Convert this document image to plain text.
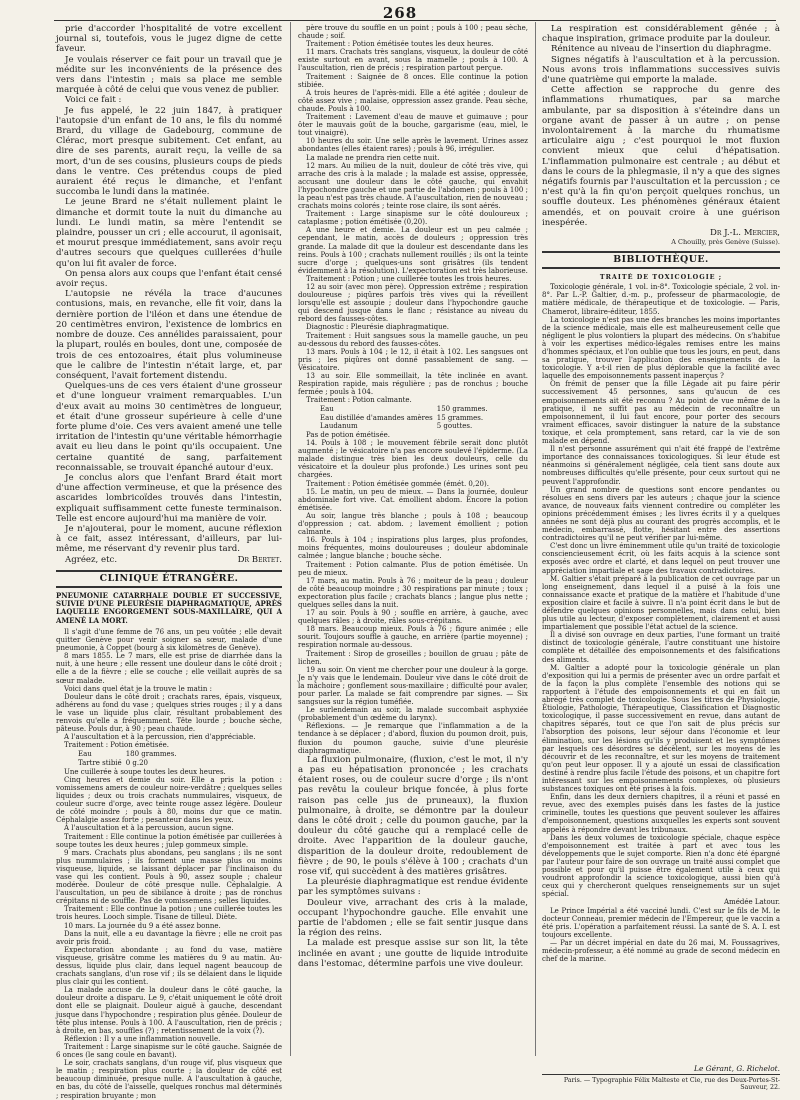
268

prie d'accorder l'hospitalité de votre excellent journal si, toutefois, vous le jugez digne de cette faveur.

Je voulais réserver ce fait pour un travail que je médite sur les inconvénients de la présence des vers dans l'intestin ; mais sa place me semble marquée à côté de celui que vous venez de publier.

Voici ce fait :

Je fus appelé, le 22 juin 1847, à pratiquer l'autopsie d'un enfant de 10 ans, le fils du nommé Brard, du village de Gadebourg, commune de Clérac, mort presque subitement. Cet enfant, au dire de ses parents, aurait reçu, la veille de sa mort, d'un de ses cousins, plusieurs coups de pieds dans le ventre. Ces prétendus coups de pied auraient été reçus le dimanche, et l'enfant succomba le lundi dans la matinée.

Le jeune Brard ne s'était nullement plaint le dimanche et dormit toute la nuit du dimanche au lundi. Le lundi matin, sa mère l'entendit se plaindre, pousser un cri ; elle accourut, il agonisait, et mourut presque immédiatement, sans avoir reçu d'autres secours que quelques cuillerées d'huile qu'on lui fit avaler de force.

On pensa alors aux coups que l'enfant était censé avoir reçus.

L'autopsie ne révéla la trace d'aucunes contusions, mais, en revanche, elle fit voir, dans la dernière portion de l'iléon et dans une étendue de 20 centimètres environ, l'existence de lombrics en nombre de douze. Ces annélides paraissaient, pour la plupart, roulés en boules, dont une, composée de trois de ces entozoaires, était plus volumineuse que le calibre de l'intestin n'était large, et, par conséquent, l'avait fortement distendu.

Quelques-uns de ces vers étaient d'une grosseur et d'une longueur vraiment remarquables. L'un d'eux avait au moins 30 centimètres de longueur, et était d'une grosseur supérieure à celle d'une forte plume d'oie. Ces vers avaient amené une telle irritation de l'intestin qu'une véritable hémorrhagie avait eu lieu dans le point qu'ils occupaient. Une certaine quantité de sang, parfaitement reconnaissable, se trouvait épanché autour d'eux.

Je conclus alors que l'enfant Brard était mort d'une affection vermineuse, et que la présence des ascarides lombricoïdes trouvés dans l'intestin, expliquait suffisamment cette funeste terminaison. Telle est encore aujourd'hui ma manière de voir.

Je n'ajouterai, pour le moment, aucune réflexion à ce fait, assez intéressant, d'ailleurs, par lui-même, me réservant d'y revenir plus tard.

Agréez, etc.	Dr Bertet.
CLINIQUE ÉTRANGÈRE.

PNEUMONIE CATARRHALE DOUBLE ET SUCCESSIVE, SUIVIE D'UNE PLEURÉSIE DIAPHRAGMATIQUE, APRÈS LAQUELLE ENGORGEMENT SOUS-MAXILLAIRE, QUI A AMENÉ LA MORT.

Il s'agit d'une femme de 76 ans, un peu voûtée ; elle devait quitter Genève pour venir soigner sa sœur, malade d'une pneumonie, à Coppet (bourg à six kilomètres de Genève).

8 mars 1855. Le 7 mars, elle est prise de diarrhée dans la nuit, à une heure ; elle ressent une douleur dans le côté droit ; elle a de la fièvre ; elle se couche ; elle veillait auprès de sa sœur malade.

Voici dans quel état je la trouve le matin :

Douleur dans le côté droit ; crachats rares, épais, visqueux, adhérens au fond du vase ; quelques stries rouges ; il y a dans le vase un liquide plus clair, résultant probablement des renvois qu'elle a fréquemment. Tête lourde ; bouche sèche, pâteuse. Pouls dur, à 90 ; peau chaude.

A l'auscultation et à la percussion, rien d'appréciable.

Traitement : Potion émétisée.

Eau	180 grammes.
Tartre stibié	0 g.20

Une cuillerée à soupe toutes les deux heures.

Cinq heures et demie du soir. Elle a pris la potion : vomissemens amers de couleur noire-verdâtre ; quelques selles liquides ; deux ou trois crachats nummulaires, visqueux, de couleur sucre d'orge, avec teinte rouge assez légère. Douleur de côté moindre ; pouls à 80, moins dur que ce matin. Céphalalgie assez forte ; pesanteur dans les yeux.

A l'auscultation et à la percussion, aucun signe.

Traitement : Elle continue la potion émétisée par cuillerées à soupe toutes les deux heures ; julep gommeux simple.

9 mars. Crachats plus abondans, peu sanglans ; ils ne sont plus nummulaires ; ils forment une masse plus ou moins visqueuse, liquide, se laissant déplacer par l'inclinaison du vase qui les contient. Pouls à 90, assez souple ; chaleur modérée. Douleur de côté presque nulle. Céphalalgie. A l'auscultation, un peu de sibilance à droite ; pas de ronchus crépitans ni de souffle. Pas de vomissemens ; selles liquides.

Traitement : Elle continue la potion ; une cuillerée toutes les trois heures. Looch simple. Tisane de tilleul. Diète.

10 mars. La journée du 9 a été assez bonne.

Dans la nuit, elle a eu davantage la fièvre ; elle ne croit pas avoir pris froid.

Expectoration abondante ; au fond du vase, matière visqueuse, grisâtre comme les matières du 9 au matin. Au-dessus, liquide plus clair, dans lequel nagent beaucoup de crachats sanglans, d'un rose vif ; ils se délaient dans le liquide plus clair qui les contient.

La malade accuse de la douleur dans le côté gauche, la douleur droite a disparu. Le 9, c'était uniquement le côté droit dont elle se plaignait. Douleur aiguë à gauche, descendant jusque dans l'hypochondre ; respiration plus gênée. Douleur de tête plus intense. Pouls à 100. A l'auscultation, rien de précis ; à droite, en bas, souffles (?) ; retentissement de la voix (?).

Réflexion : Il y a une inflammation nouvelle.

Traitement : Large sinapisme sur le côté gauche. Saignée de 6 onces (le sang coule en bavant).

Le soir, crachats sanglans, d'un rouge vif, plus visqueux que le matin ; respiration plus courte ; la douleur de côté est beaucoup diminuée, presque nulle. A l'auscultation à gauche, en bas, du côté de l'aisselle, quelques ronchus mal déterminés ; respiration bruyante ; mon

père trouve du souffle en un point ; pouls à 100 ; peau sèche, chaude ; soif.

Traitement : Potion émétisée toutes les deux heures.

11 mars. Crachats très sanglans, visqueux, la douleur de côté existe surtout en avant, sous la mamelle ; pouls à 100. A l'auscultation, rien de précis ; respiration partout perçue.

Traitement : Saignée de 8 onces. Elle continue la potion stibiée.

A trois heures de l'après-midi. Elle a été agitée ; douleur de côté assez vive ; malaise, oppression assez grande. Peau sèche, chaude. Pouls à 100.

Traitement : Lavement d'eau de mauve et guimauve ; pour ôter le mauvais goût de la bouche, gargarisme (eau, miel, le tout vinaigré).

10 heures du soir. Une selle après le lavement. Urines assez abondantes (elles étaient rares) ; pouls à 96, irrégulier.

La malade ne prendra rien cette nuit.

12 mars. Au milieu de la nuit, douleur de côté très vive, qui arrache des cris à la malade ; la malade est assise, oppressée, accusant une douleur dans le côté gauche, qui envahit l'hypochondre gauche et une partie de l'abdomen ; pouls à 100 ; la peau n'est pas très chaude. A l'auscultation, rien de nouveau ; crachats moins colorés ; teinte rose claire, ils sont aérés.

Traitement : Large sinapisme sur le côté douloureux ; cataplasme ; potion émétisée (0,20).

A une heure et demie. La douleur est un peu calmée ; cependant, le matin, accès de douleurs ; oppression très grande. La malade dit que la douleur est descendante dans les reins. Pouls à 100 ; crachats nullement rouillés ; ils ont la teinte sucre d'orge ; quelques-uns sont grisâtres (ils tendent évidemment à la résolution). L'expectoration est très laborieuse.

Traitement : Potion ; une cuillerée toutes les trois heures.

12 au soir (avec mon père). Oppression extrême ; respiration douloureuse ; piqûres parfois très vives qui la réveillent lorsqu'elle est assoupie ; douleur dans l'hypochondre gauche qui descend jusque dans le flanc ; résistance au niveau du rebord des fausses-côtes.

Diagnostic : Pleurésie diaphragmatique.

Traitement : Huit sangsues sous la mamelle gauche, un peu au-dessous du rebord des fausses-côtes.

13 mars. Pouls à 104 ; le 12, il était à 102. Les sangsues ont pris ; les piqûres ont donné passablement de sang. — Vésicatoire.

13 au soir. Elle sommeillait, la tête inclinée en avant. Respiration rapide, mais régulière ; pas de ronchus ; bouche fermée ; pouls à 104.

Traitement : Potion calmante.

Eau	150 grammes.
Eau distillée d'amandes amères	15 grammes.
Laudanum	5 gouttes.

Pas de potion émétisée.

14. Pouls à 108 ; le mouvement fébrile serait donc plutôt augmenté ; le vésicatoire n'a pas encore soulevé l'épiderme. (La malade distingue très bien les deux douleurs, celle du vésicatoire et la douleur plus profonde.) Les urines sont peu chargées.

Traitement : Potion émétisée gommée (émét. 0,20).

15. Le matin, un peu de mieux. — Dans la journée, douleur abdominale fort vive. Cat. émollient abdom. Encore la potion émétisée.

Au soir, langue très blanche ; pouls à 108 ; beaucoup d'oppression ; cat. abdom. ; lavement émollient ; potion calmante.

16. Pouls à 104 ; inspirations plus larges, plus profondes, moins fréquentes, moins douloureuses ; douleur abdominale calmée ; langue blanche ; bouche sèche.

Traitement : Potion calmante. Plus de potion émétisée. Un peu de mieux.

17 mars, au matin. Pouls à 76 ; moiteur de la peau ; douleur de côté beaucoup moindre ; 30 respirations par minute ; toux ; expectoration plus facile ; crachats blancs ; langue plus nette ; quelques selles dans la nuit.

17 au soir. Pouls à 90 ; souffle en arrière, à gauche, avec quelques râles ; à droite, râles sous-crépitans.

18 mars. Beaucoup mieux. Pouls à 76 ; figure animée ; elle sourit. Toujours souffle à gauche, en arrière (partie moyenne) ; respiration normale au-dessous.

Traitement : Sirop de groseilles ; bouillon de gruau ; pâte de lichen.

19 au soir. On vient me chercher pour une douleur à la gorge. Je n'y vais que le lendemain. Douleur vive dans le côté droit de la mâchoire ; gonflement sous-maxillaire ; difficulté pour avaler, pour parler. La malade se fait comprendre par signes. — Six sangsues sur la région tuméfiée.

Le surlendemain au soir, la malade succombait asphyxiée (probablement d'un œdème du larynx).

Réflexions. — Je remarque que l'inflammation a de la tendance à se déplacer ; d'abord, fluxion du poumon droit, puis, fluxion du poumon gauche, suivie d'une pleurésie diaphragmatique.

La fluxion pulmonaire, (fluxion, c'est le mot, il n'y a pas eu hépatisation prononcée ; les crachats étaient roses, ou de couleur sucre d'orge ; ils n'ont pas revêtu la couleur brique foncée, à plus forte raison pas celle jus de pruneaux), la fluxion pulmonaire, à droite, se démontre par la douleur dans le côté droit ; celle du poumon gauche, par la douleur du côté gauche qui a remplacé celle de droite. Avec l'apparition de la douleur gauche, disparition de la douleur droite, redoublement de fièvre ; de 90, le pouls s'élève à 100 ; crachats d'un rose vif, qui succèdent à des matières grisâtres.

La pleurésie diaphragmatique est rendue évidente par les symptômes suivans :

Douleur vive, arrachant des cris à la malade, occupant l'hypochondre gauche. Elle envahit une partie de l'abdomen ; elle se fait sentir jusque dans la région des reins.

La malade est presque assise sur son lit, la tête inclinée en avant ; une goutte de liquide introduite dans l'estomac, détermine parfois une vive douleur.

La respiration est considérablement gênée ; à chaque inspiration, grimace produite par la douleur.

Rénitence au niveau de l'insertion du diaphragme.

Signes négatifs à l'auscultation et à la percussion. Nous avons trois inflammations successives suivis d'une quatrième qui emporte la malade.

Cette affection se rapproche du genre des inflammations rhumatiques, par sa marche ambulante, par sa disposition à s'éteindre dans un organe avant de passer à un autre ; on pense involontairement à la marche du rhumatisme articulaire aigu ; c'est pourquoi le mot fluxion convient mieux que celui d'hépatisation. L'inflammation pulmonaire est centrale ; au début et dans le cours de la phlegmasie, il n'y a que des signes négatifs fournis par l'auscultation et la percussion ; ce n'est qu'à la fin qu'on perçoit quelques ronchus, un souffle douteux. Les phénomènes généraux étaient amendés, et on pouvait croire à une guérison inespérée.

Dr J.-L. Mercier,
A Chouilly, près Genève (Suisse).
BIBLIOTHÈQUE.
TRAITÉ DE TOXICOLOGIE ;

Toxicologie générale, 1 vol. in-8°. Toxicologie spéciale, 2 vol. in-8°. Par L.-P. Galtier, d.-m. p., professeur de pharmacologie, de matière médicale, de thérapeutique et de toxicologie. — Paris, Chamerot, libraire-éditeur, 1855.

La toxicologie n'est pas une des branches les moins importantes de la science médicale, mais elle est malheureusement celle que négligent le plus volontiers la plupart des médecins. On s'habitue à voir les expertises médico-légales remises entre les mains d'hommes spéciaux, et l'on oublie que tous les jours, en peut, dans sa pratique, trouver l'application des enseignements de la toxicologie. Y a-t-il rien de plus déplorable que la facilité avec laquelle des empoisonnements passent inaperçus ?

On frémit de penser que la fille Lègade ait pu faire périr successivement 45 personnes, sans qu'aucun de ces empoisonnements ait été reconnu ? Au point de vue même de la pratique, il ne suffit pas au médecin de reconnaître un empoisonnement, il lui faut encore, pour porter des secours vraiment efficaces, savoir distinguer la nature de la substance toxique, et cela promptement, sans retard, car la vie de son malade en dépend.

Il n'est personne assurément qui n'ait été frappé de l'extrême importance des connaissances toxicologiques. Si leur étude est néanmoins si généralement négligée, cela tient sans doute aux nombreuses difficultés qu'elle présente, pour ceux surtout qui ne peuvent l'approfondir.

Un grand nombre de questions sont encore pendantes ou résolues en sens divers par les auteurs ; chaque jour la science avance, de nouveaux faits viennent contredire ou compléter les opinions précédemment émises ; les livres écrits il y a quelques années ne sont déjà plus au courant des progrès accomplis, et le médecin, embarrassé, flotte, hésitant entre des assertions contradictoires qu'il ne peut vérifier par lui-même.

C'est donc un livre éminemment utile qu'un traité de toxicologie consciencieusement écrit, où les faits acquis à la science sont exposés avec ordre et clarté, et dans lequel on peut trouver une appréciation impartiale et sage des travaux contradictoires.

M. Galtier s'était préparé à la publication de cet ouvrage par un long enseignement, dans lequel il a puisé à la fois une connaissance exacte et pratique de la matière et l'habitude d'une exposition claire et facile à suivre. Il n'a point écrit dans le but de défendre quelques opinions personnelles, mais dans celui, bien plus utile au lecteur, d'exposer complètement, clairement et aussi impartialement que possible l'état actuel de la science.

Il a divisé son ouvrage en deux parties, l'une formant un traité distinct de toxicologie générale, l'autre constituant une histoire complète et détaillée des empoisonnements et des falsifications des aliments.

M. Galtier a adopté pour la toxicologie générale un plan d'exposition qui lui a permis de présenter avec un ordre parfait et de la façon la plus complète l'ensemble des notions qui se rapportent à l'étude des empoisonnements et qui en fait un abrégé très complet de toxicologie. Sous les titres de Physiologie, Étiologie, Pathologie, Thérapeutique, Classification et Diagnostic toxicologique, il passe successivement en revue, dans autant de chapitres séparés, tout ce que l'on sait de plus précis sur l'absorption des poisons, leur séjour dans l'économie et leur élimination, sur les lésions qu'ils y produisent et les symptômes par lesquels ces désordres se décèlent, sur les moyens de les découvrir et de les reconnaître, et sur les moyens de traitement qu'on peut leur opposer. Il y a ajouté un essai de classification destiné à rendre plus facile l'étude des poisons, et un chapitre fort intéressant sur les empoisonnements complexes, où plusieurs substances toxiques ont été prises à la fois.

Enfin, dans les deux derniers chapitres, il a réuni et passé en revue, avec des exemples puisés dans les fastes de la justice criminelle, toutes les questions que peuvent soulever les affaires d'empoisonnement, questions auxquelles les experts sont souvent appelés à répondre devant les tribunaux.

Dans les deux volumes de toxicologie spéciale, chaque espèce d'empoisonnement est traitée à part et avec tous les développements que le sujet comporte. Rien n'a donc été épargné par l'auteur pour faire de son ouvrage un traité aussi complet que possible et pour qu'il puisse être également utile à ceux qui voudront approfondir la science toxicologique, aussi bien qu'à ceux qui y chercheront quelques renseignements sur un sujet spécial.

Amédée Latour.

Le Prince Impérial a été vacciné lundi. C'est sur le fils de M. le docteur Conneau, premier médecin de l'Empereur, que le vaccin a été pris. L'opération a parfaitement réussi. La santé de S. A. I. est toujours excellente.

— Par un décret impérial en date du 26 mai, M. Foussagrives, médecin-professeur, a été nommé au grade de second médecin en chef de la marine.

Le Gérant, G. Richelot.
Paris. — Typographie Félix Malteste et Cie, rue des Deux-Portes-St-Sauveur, 22.
